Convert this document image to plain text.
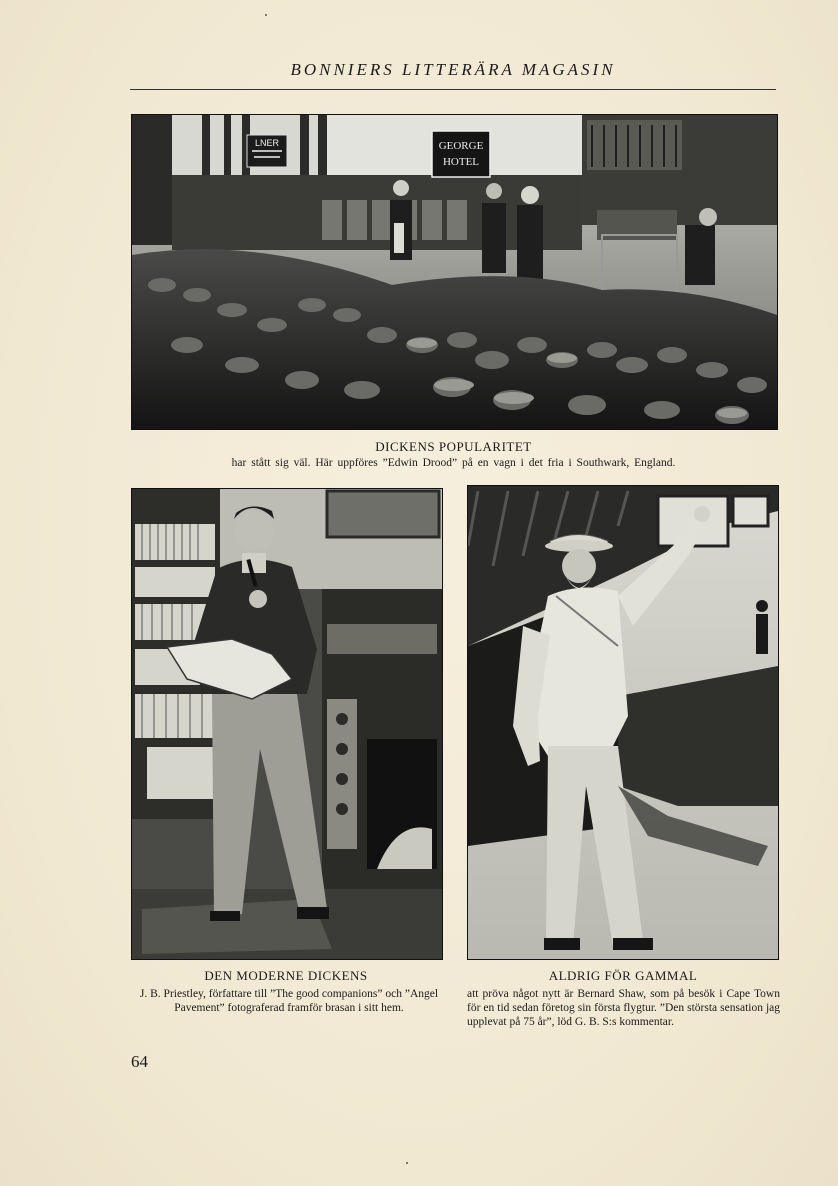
BONNIERS LITTERÄRA MAGASIN
LNER	GEORGE
HOTEL
DICKENS POPULARITET
har stått sig väl. Här uppföres ”Edwin Drood” på en vagn i det fria i Southwark, England.
DEN MODERNE DICKENS
J. B. Priestley, författare till ”The good companions” och ”Angel Pavement” fotograferad framför brasan i sitt hem.
ALDRIG FÖR GAMMAL
att pröva något nytt är Bernard Shaw, som på besök i Cape Town för en tid sedan företog sin första flygtur. ”Den största sensation jag upplevat på 75 år”, löd G. B. S:s kommentar.
64
